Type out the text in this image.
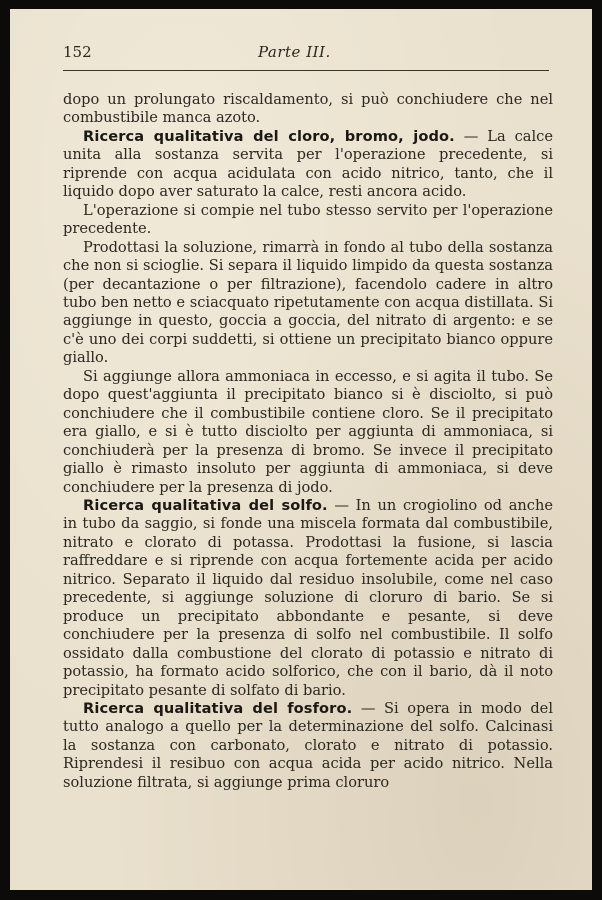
152	Parte III.

dopo un prolungato riscaldamento, si può conchiudere che nel combustibile manca azoto.

Ricerca qualitativa del cloro, bromo, jodo. — La calce unita alla sostanza servita per l'operazione precedente, si riprende con acqua acidulata con acido nitrico, tanto, che il liquido dopo aver saturato la calce, resti ancora acido.

L'operazione si compie nel tubo stesso servito per l'operazione precedente.

Prodottasi la soluzione, rimarrà in fondo al tubo della sostanza che non si scioglie. Si separa il liquido limpido da questa sostanza (per decantazione o per filtrazione), facendolo cadere in altro tubo ben netto e sciacquato ripetutamente con acqua distillata. Si aggiunge in questo, goccia a goccia, del nitrato di argento: e se c'è uno dei corpi suddetti, si ottiene un precipitato bianco oppure giallo.

Si aggiunge allora ammoniaca in eccesso, e si agita il tubo. Se dopo quest'aggiunta il precipitato bianco si è disciolto, si può conchiudere che il combustibile contiene cloro. Se il precipitato era giallo, e si è tutto disciolto per aggiunta di ammoniaca, si conchiuderà per la presenza di bromo. Se invece il precipitato giallo è rimasto insoluto per aggiunta di ammoniaca, si deve conchiudere per la presenza di jodo.

Ricerca qualitativa del solfo. — In un crogiolino od anche in tubo da saggio, si fonde una miscela formata dal combustibile, nitrato e clorato di potassa. Prodottasi la fusione, si lascia raffreddare e si riprende con acqua fortemente acida per acido nitrico. Separato il liquido dal residuo insolubile, come nel caso precedente, si aggiunge soluzione di cloruro di bario. Se si produce un precipitato abbondante e pesante, si deve conchiudere per la presenza di solfo nel combustibile. Il solfo ossidato dalla combustione del clorato di potassio e nitrato di potassio, ha formato acido solforico, che con il bario, dà il noto precipitato pesante di solfato di bario.

Ricerca qualitativa del fosforo. — Si opera in modo del tutto analogo a quello per la determinazione del solfo. Calcinasi la sostanza con carbonato, clorato e nitrato di potassio. Riprendesi il resibuo con acqua acida per acido nitrico. Nella soluzione filtrata, si aggiunge prima cloruro
